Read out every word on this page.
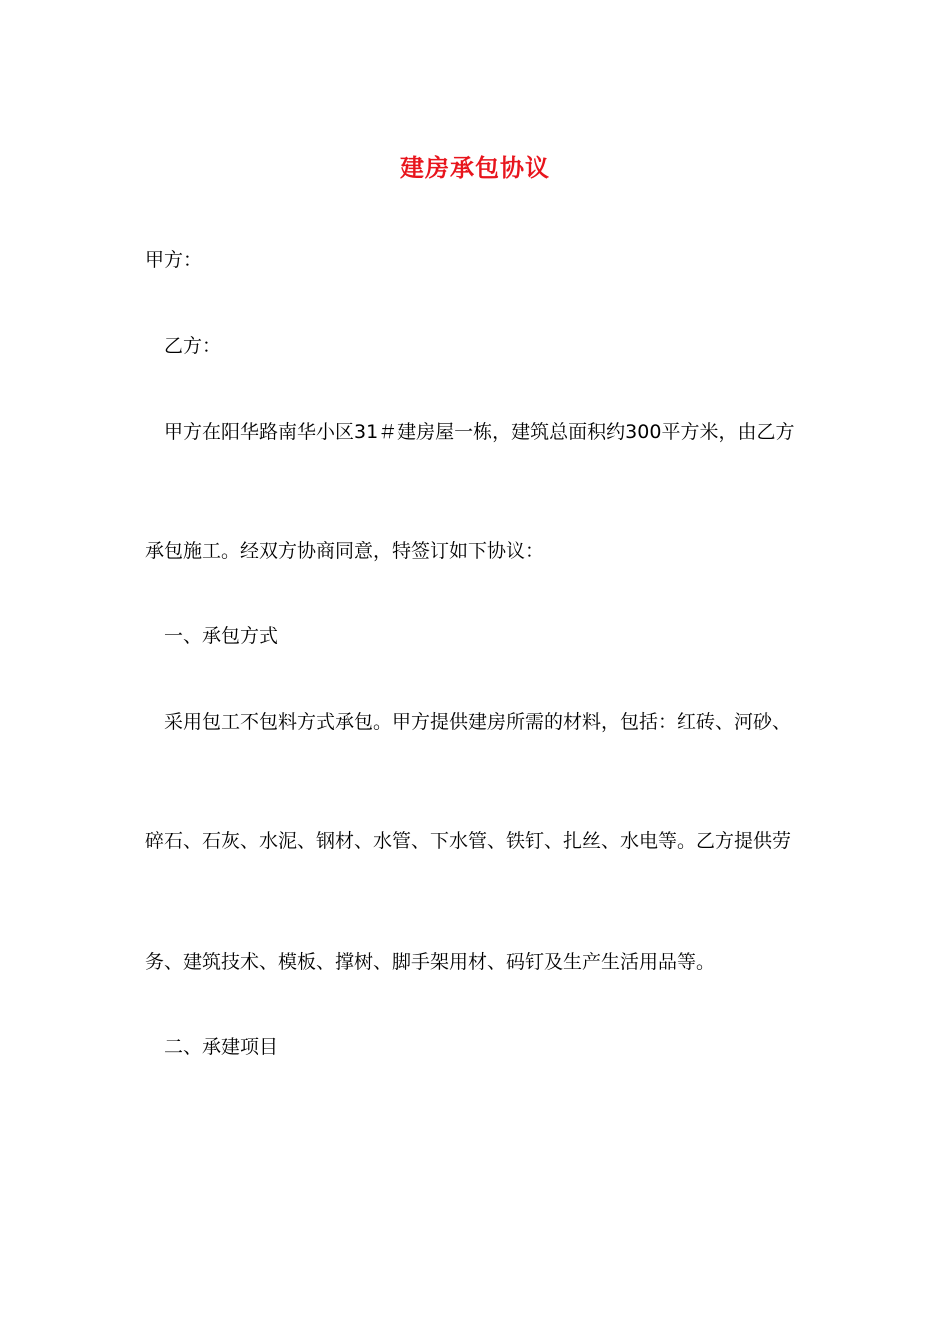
建房承包协议
甲方：
乙方：
甲方在阳华路南华小区31＃建房屋一栋，建筑总面积约300平方米，由乙方
承包施工。经双方协商同意，特签订如下协议：
一、承包方式
采用包工不包料方式承包。甲方提供建房所需的材料，包括：红砖、河砂、
碎石、石灰、水泥、钢材、水管、下水管、铁钉、扎丝、水电等。乙方提供劳
务、建筑技术、模板、撑树、脚手架用材、码钉及生产生活用品等。
二、承建项目
